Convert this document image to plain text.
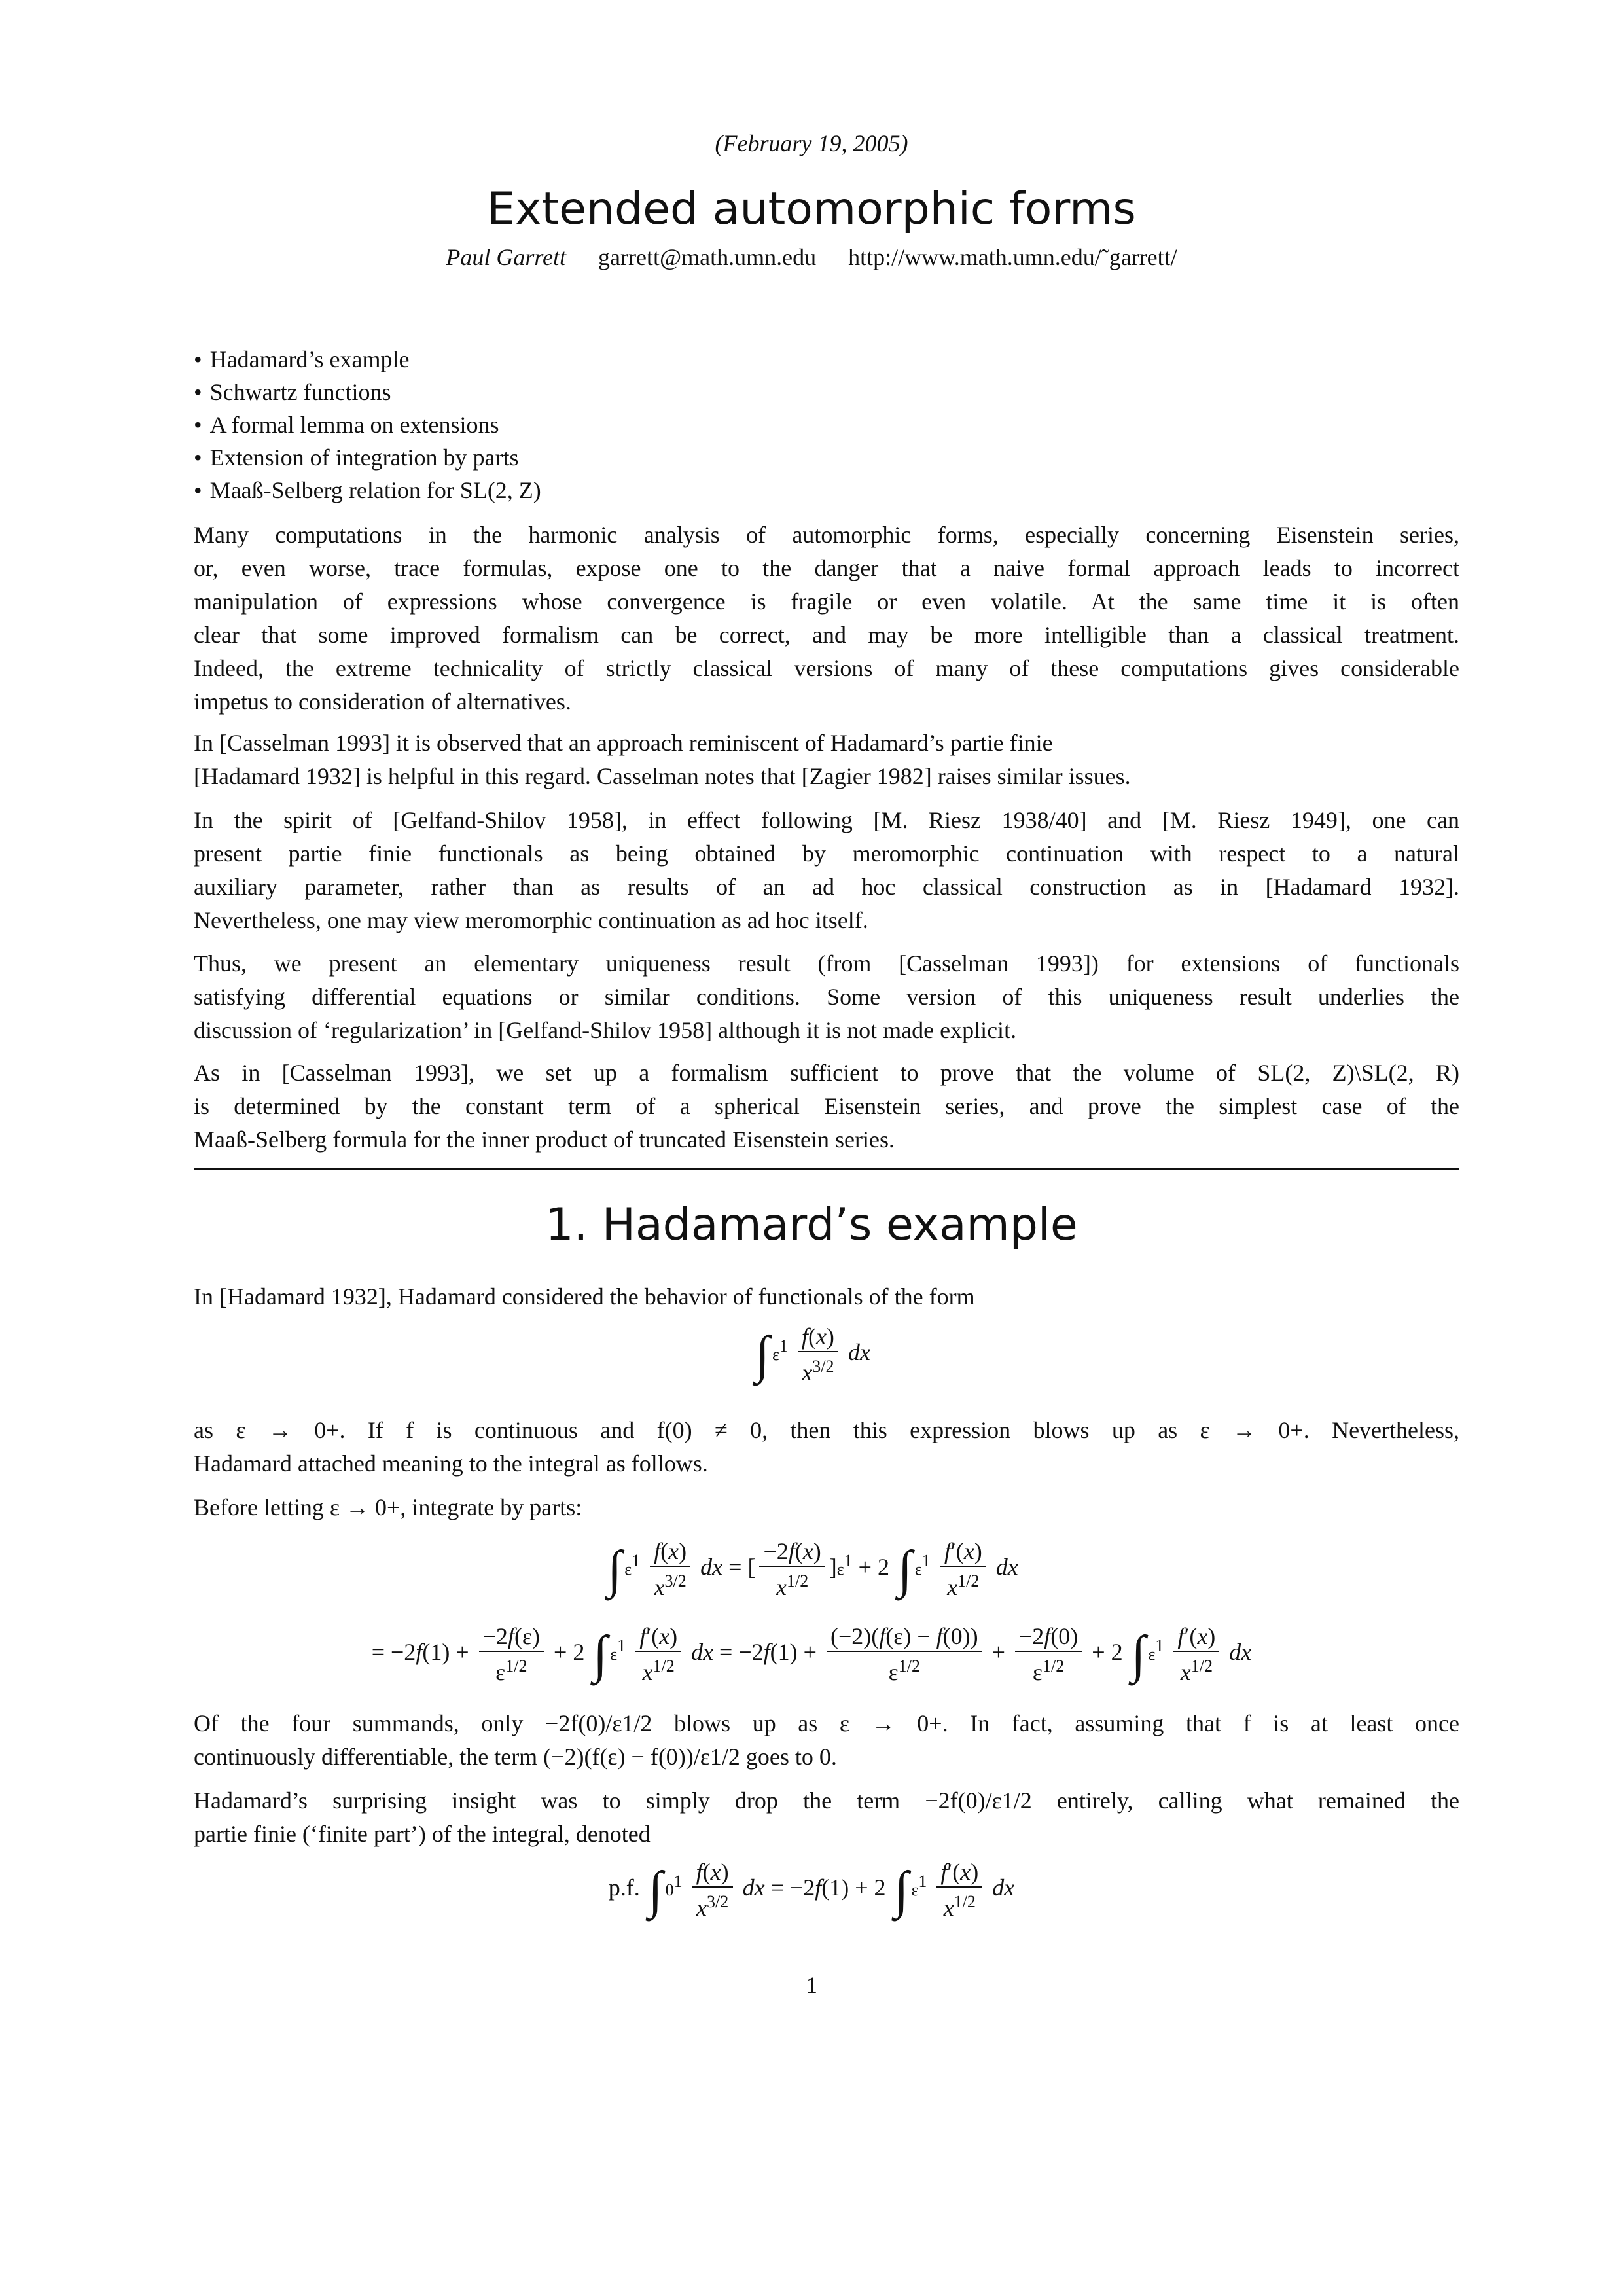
(February 19, 2005)
Extended automorphic forms
Paul Garrett garrett@math.umn.edu http://www.math.umn.edu/˜garrett/
• Hadamard’s example
• Schwartz functions
• A formal lemma on extensions
• Extension of integration by parts
• Maaß-Selberg relation for SL(2, Z)
Many computations in the harmonic analysis of automorphic forms, especially concerning Eisenstein series,
or, even worse, trace formulas, expose one to the danger that a naive formal approach leads to incorrect
manipulation of expressions whose convergence is fragile or even volatile. At the same time it is often
clear that some improved formalism can be correct, and may be more intelligible than a classical treatment.
Indeed, the extreme technicality of strictly classical versions of many of these computations gives considerable
impetus to consideration of alternatives.
In [Casselman 1993] it is observed that an approach reminiscent of Hadamard’s partie finie
[Hadamard 1932] is helpful in this regard. Casselman notes that [Zagier 1982] raises similar issues.
In the spirit of [Gelfand-Shilov 1958], in effect following [M. Riesz 1938/40] and [M. Riesz 1949], one can
present partie finie functionals as being obtained by meromorphic continuation with respect to a natural
auxiliary parameter, rather than as results of an ad hoc classical construction as in [Hadamard 1932].
Nevertheless, one may view meromorphic continuation as ad hoc itself.
Thus, we present an elementary uniqueness result (from [Casselman 1993]) for extensions of functionals
satisfying differential equations or similar conditions. Some version of this uniqueness result underlies the
discussion of ‘regularization’ in [Gelfand-Shilov 1958] although it is not made explicit.
As in [Casselman 1993], we set up a formalism sufficient to prove that the volume of SL(2, Z)\SL(2, R)
is determined by the constant term of a spherical Eisenstein series, and prove the simplest case of the
Maaß-Selberg formula for the inner product of truncated Eisenstein series.
1. Hadamard’s example
In [Hadamard 1932], Hadamard considered the behavior of functionals of the form
∫ $\varepsilon^1 \frac{f(x)}{x^{3/2}}$ dx
as ε → 0+. If f is continuous and f(0) ≠ 0, then this expression blows up as ε → 0+. Nevertheless,
Hadamard attached meaning to the integral as follows.
Before letting ε → 0+, integrate by parts:
∫ $\varepsilon^1 \frac{f(x)}{x^{3/2}}$ dx = [ $\frac{-2f(x)}{x^{1/2}} ]\varepsilon^1 + 2$ ∫ $\varepsilon^1 \frac{f'(x)}{x^{1/2}}$ dx
= $-2f(1) + \frac{-2f(\varepsilon)}{\varepsilon^{1/2}} + 2$ ∫ $\varepsilon^1 \frac{f'(x)}{x^{1/2}}$ dx = $-2f(1) + \frac{(-2)(f(\varepsilon) - f(0))}{\varepsilon^{1/2}} + \frac{-2f(0)}{\varepsilon^{1/2}} + 2$ ∫ $\varepsilon^1 \frac{f'(x)}{x^{1/2}}$ dx
Of the four summands, only −2f(0)/ε1/2 blows up as ε → 0+. In fact, assuming that f is at least once
continuously differentiable, the term (−2)(f(ε) − f(0))/ε1/2 goes to 0.
Hadamard’s surprising insight was to simply drop the term −2f(0)/ε1/2 entirely, calling what remained the
partie finie (‘finite part’) of the integral, denoted
p.f. ∫ $0^1 \frac{f(x)}{x^{3/2}}$ dx = −2f(1) + 2 ∫ $\varepsilon^1 \frac{f'(x)}{x^{1/2}}$ dx
1
